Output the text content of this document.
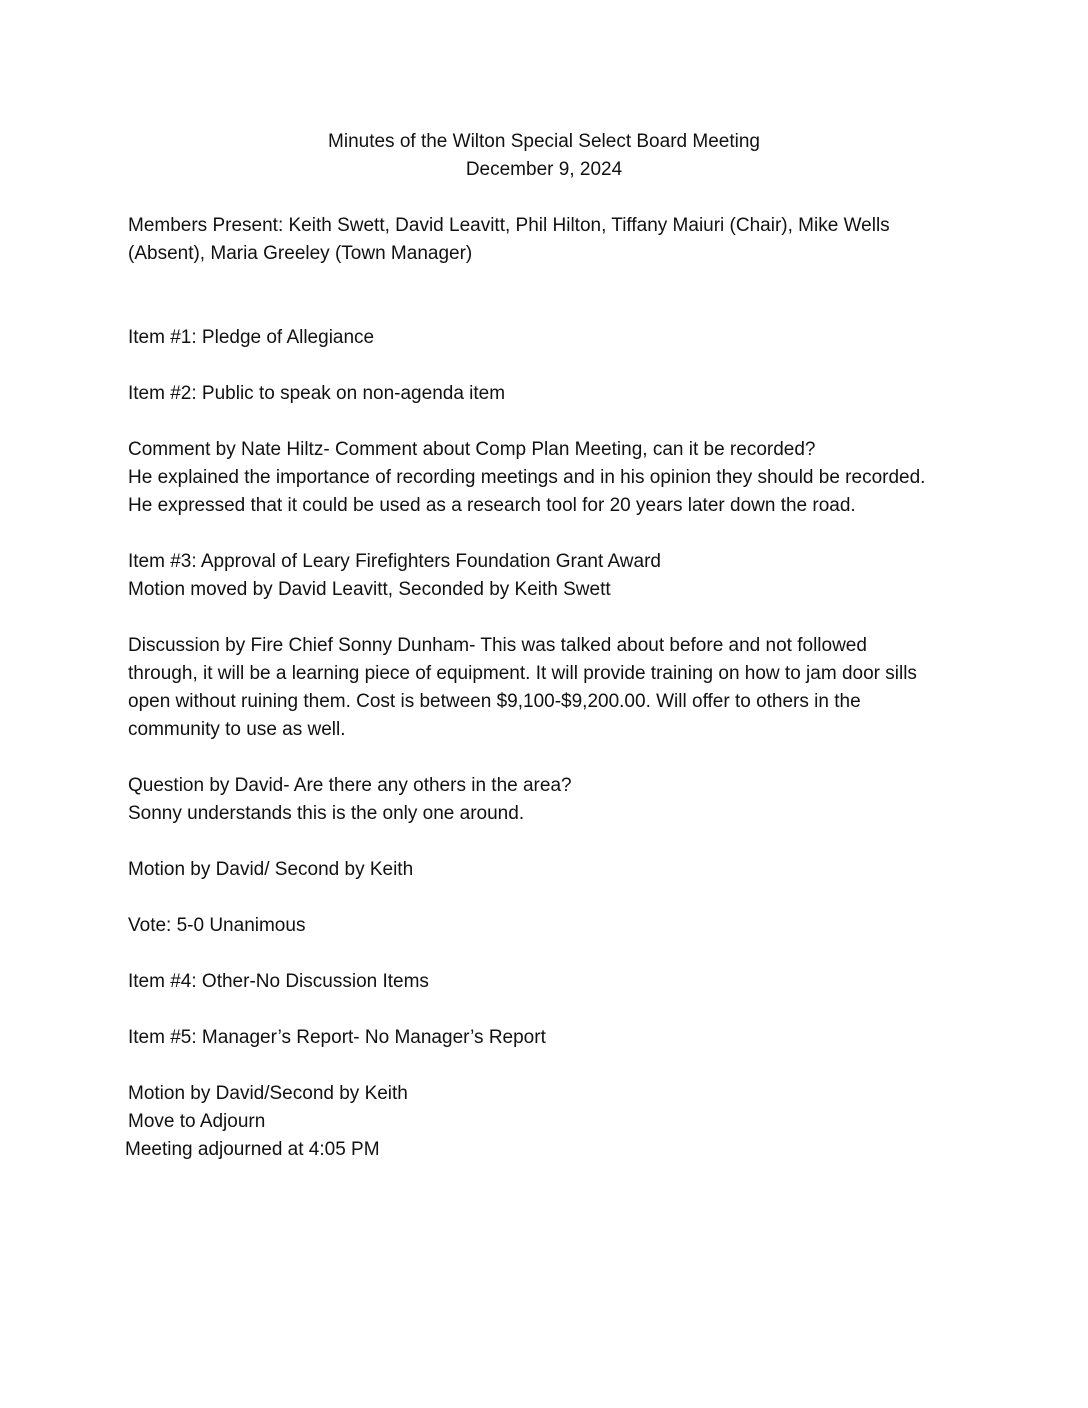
Minutes of the Wilton Special Select Board Meeting
December 9, 2024

Members Present: Keith Swett, David Leavitt, Phil Hilton, Tiffany Maiuri (Chair), Mike Wells
(Absent), Maria Greeley (Town Manager)

Item #1: Pledge of Allegiance

Item #2: Public to speak on non-agenda item

Comment by Nate Hiltz- Comment about Comp Plan Meeting, can it be recorded?
He explained the importance of recording meetings and in his opinion they should be recorded.
He expressed that it could be used as a research tool for 20 years later down the road.

Item #3: Approval of Leary Firefighters Foundation Grant Award
Motion moved by David Leavitt, Seconded by Keith Swett

Discussion by Fire Chief Sonny Dunham- This was talked about before and not followed
through, it will be a learning piece of equipment. It will provide training on how to jam door sills
open without ruining them. Cost is between $9,100-$9,200.00. Will offer to others in the
community to use as well.

Question by David- Are there any others in the area?
Sonny understands this is the only one around.

Motion by David/ Second by Keith

Vote: 5-0 Unanimous

Item #4: Other-No Discussion Items

Item #5: Manager’s Report- No Manager’s Report

Motion by David/Second by Keith
Move to Adjourn
Meeting adjourned at 4:05 PM
